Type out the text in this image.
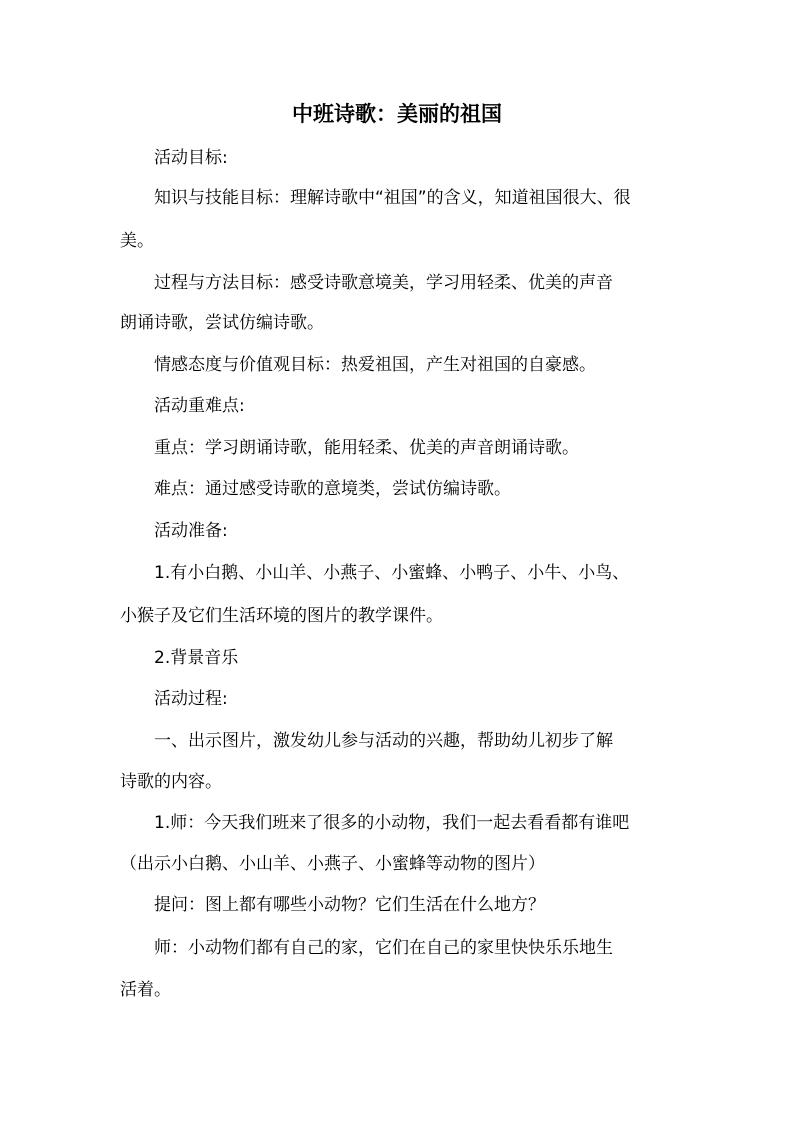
中班诗歌：美丽的祖国
活动目标:
知识与技能目标：理解诗歌中“祖国”的含义，知道祖国很大、很
美。
过程与方法目标：感受诗歌意境美，学习用轻柔、优美的声音
朗诵诗歌，尝试仿编诗歌。
情感态度与价值观目标：热爱祖国，产生对祖国的自豪感。
活动重难点:
重点：学习朗诵诗歌，能用轻柔、优美的声音朗诵诗歌。
难点：通过感受诗歌的意境类，尝试仿编诗歌。
活动准备:
1.有小白鹅、小山羊、小燕子、小蜜蜂、小鸭子、小牛、小鸟、
小猴子及它们生活环境的图片的教学课件。
2.背景音乐
活动过程:
一、出示图片，激发幼儿参与活动的兴趣，帮助幼儿初步了解
诗歌的内容。
1.师：今天我们班来了很多的小动物，我们一起去看看都有谁吧
（出示小白鹅、小山羊、小燕子、小蜜蜂等动物的图片）
提问：图上都有哪些小动物？它们生活在什么地方？
师：小动物们都有自己的家，它们在自己的家里快快乐乐地生
活着。
